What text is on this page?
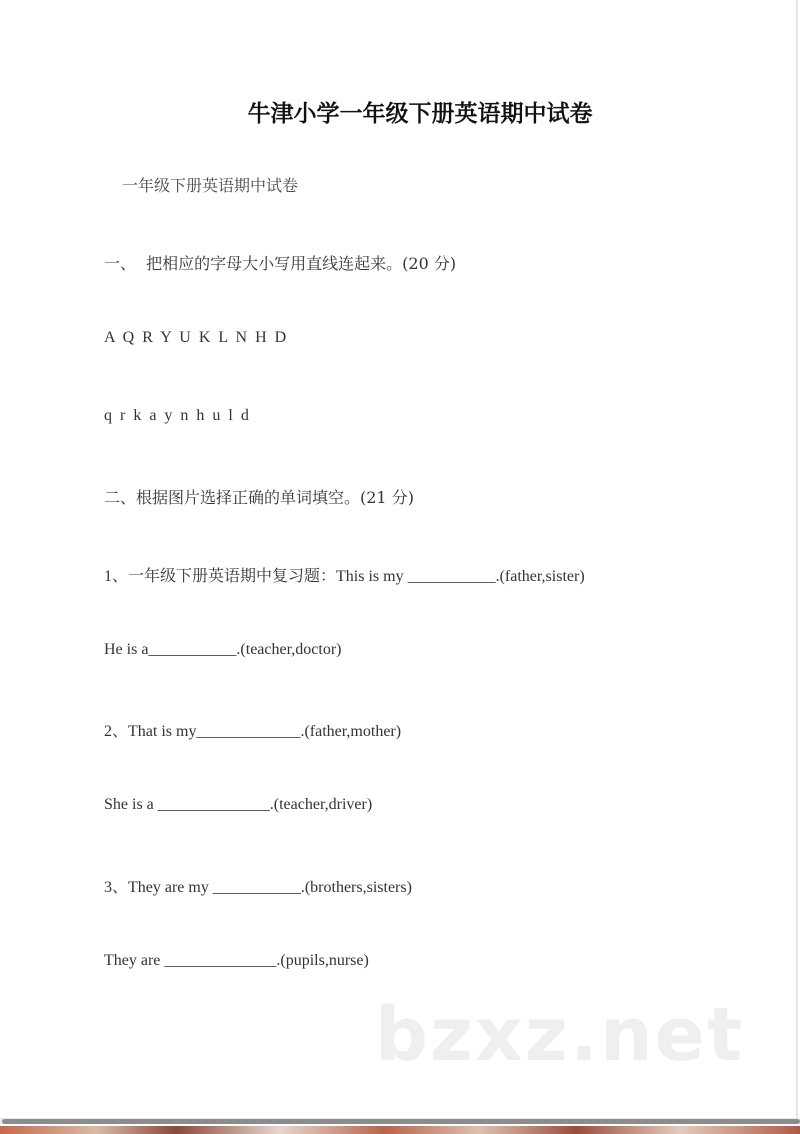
牛津小学一年级下册英语期中试卷
一年级下册英语期中试卷
一、  把相应的字母大小写用直线连起来。(20 分)
A Q R Y U K L N H D
q r k a y n h u l d
二、根据图片选择正确的单词填空。(21 分)
1、一年级下册英语期中复习题：This is my ___________.(father,sister)
He is a___________.(teacher,doctor)
2、That is my_____________.(father,mother)
She is a ______________.(teacher,driver)
3、They are my ___________.(brothers,sisters)
They are ______________.(pupils,nurse)
bzxz.net
